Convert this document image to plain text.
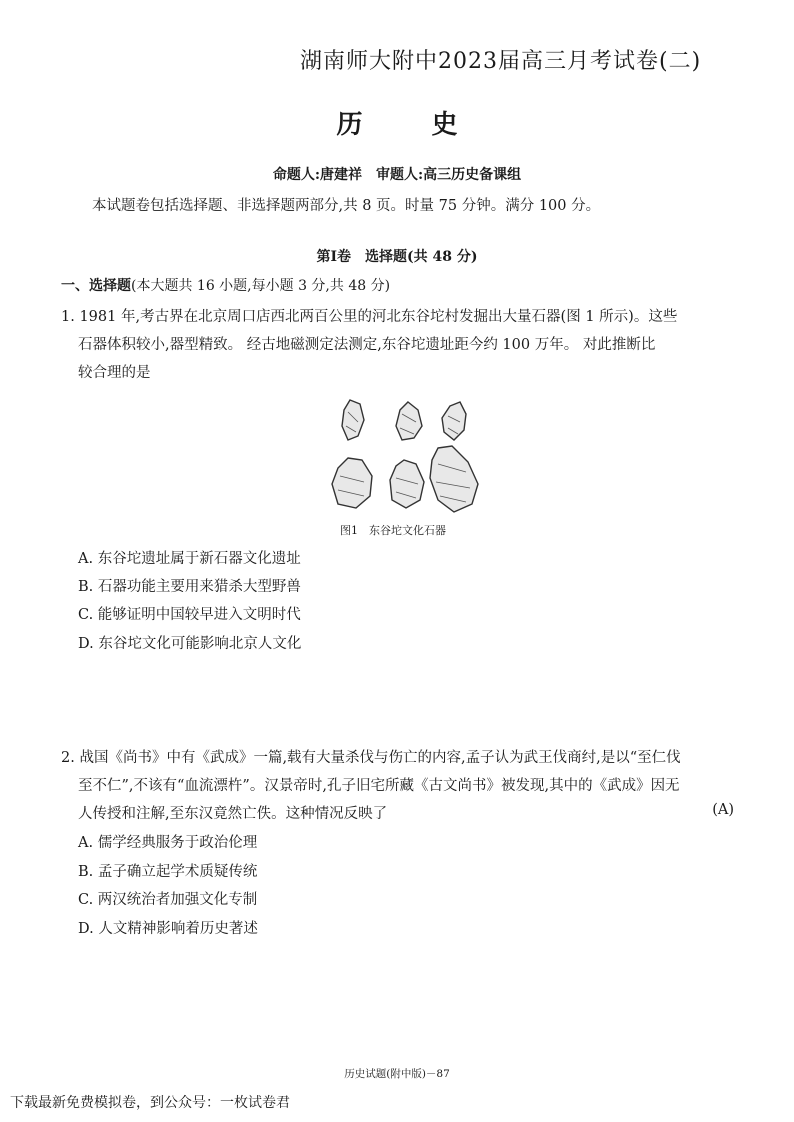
湖南师大附中2023届高三月考试卷(二)
历 史
命题人:唐建祥　审题人:高三历史备课组
本试题卷包括选择题、非选择题两部分,共 8 页。时量 75 分钟。满分 100 分。
第Ⅰ卷　选择题(共 48 分)
一、选择题(本大题共 16 小题,每小题 3 分,共 48 分)
1. 1981 年,考古界在北京周口店西北两百公里的河北东谷坨村发掘出大量石器(图 1 所示)。这些
石器体积较小,器型精致。 经古地磁测定法测定,东谷坨遗址距今约 100 万年。 对此推断比
较合理的是
图1　东谷坨文化石器
A. 东谷坨遗址属于新石器文化遗址
B. 石器功能主要用来猎杀大型野兽
C. 能够证明中国较早进入文明时代
D. 东谷坨文化可能影响北京人文化
2. 战国《尚书》中有《武成》一篇,载有大量杀伐与伤亡的内容,孟子认为武王伐商纣,是以“至仁伐
至不仁”,不该有“血流漂杵”。汉景帝时,孔子旧宅所藏《古文尚书》被发现,其中的《武成》因无
人传授和注解,至东汉竟然亡佚。这种情况反映了	(A)
A. 儒学经典服务于政治伦理
B. 孟子确立起学术质疑传统
C. 两汉统治者加强文化专制
D. 人文精神影响着历史著述
历史试题(附中版)－87
下载最新免费模拟卷，到公众号：一枚试卷君
